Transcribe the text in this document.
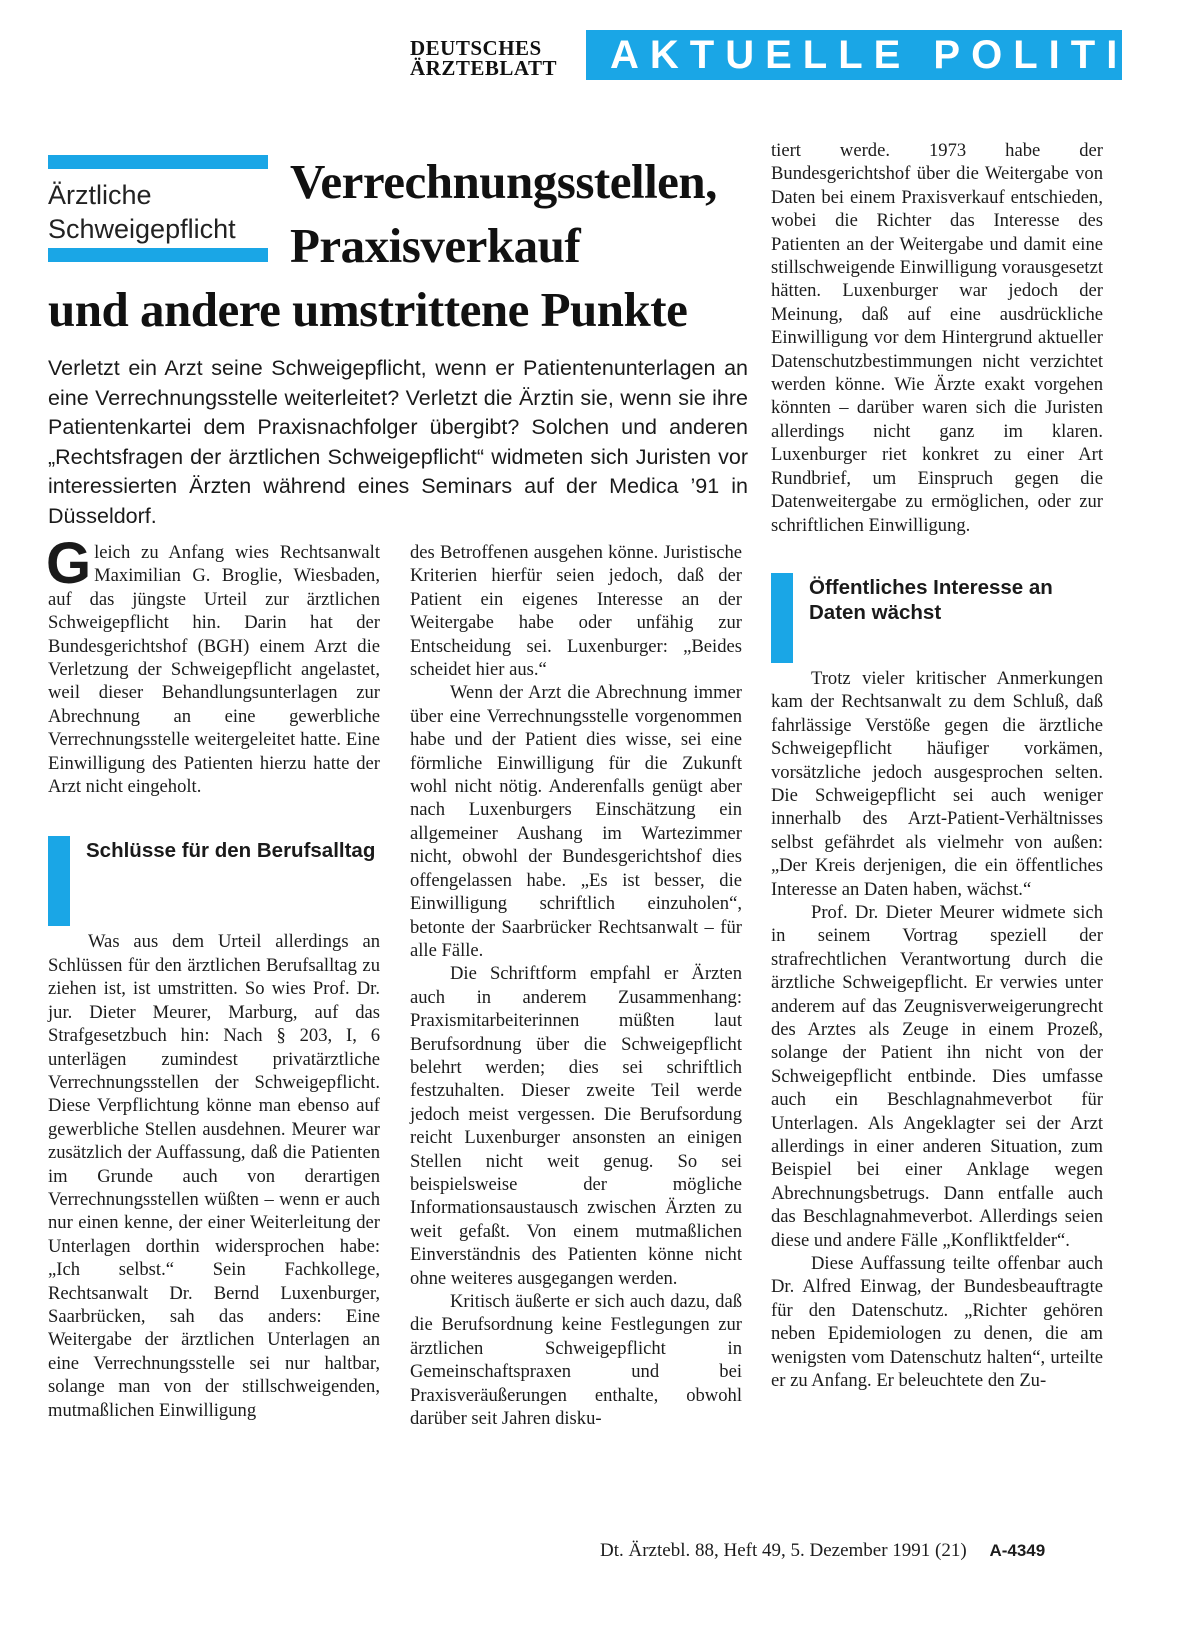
DEUTSCHES
ÄRZTEBLATT	AKTUELLE POLITIK
Ärztliche
Schweigepflicht
Verrechnungsstellen,
Praxisverkauf
und andere umstrittene Punkte
Verletzt ein Arzt seine Schweigepflicht, wenn er Patientenunterlagen an eine Verrechnungsstelle weiterleitet? Verletzt die Ärztin sie, wenn sie ihre Patientenkartei dem Praxisnachfolger übergibt? Solchen und anderen „Rechtsfragen der ärztlichen Schweigepflicht“ widmeten sich Juristen vor interessierten Ärzten während eines Seminars auf der Medica ’91 in Düsseldorf.

Gleich zu Anfang wies Rechtsanwalt Maximilian G. Broglie, Wiesbaden, auf das jüngste Urteil zur ärztlichen Schweigepflicht hin. Darin hat der Bundesgerichtshof (BGH) einem Arzt die Verletzung der Schweigepflicht angelastet, weil dieser Behandlungsunterlagen zur Abrechnung an eine gewerbliche Verrechnungsstelle weitergeleitet hatte. Eine Einwilligung des Patienten hierzu hatte der Arzt nicht eingeholt.

Schlüsse für den Berufsalltag

Was aus dem Urteil allerdings an Schlüssen für den ärztlichen Berufsalltag zu ziehen ist, ist umstritten. So wies Prof. Dr. jur. Dieter Meurer, Marburg, auf das Strafgesetzbuch hin: Nach § 203, I, 6 unterlägen zumindest privatärztliche Verrechnungsstellen der Schweigepflicht. Diese Verpflichtung könne man ebenso auf gewerbliche Stellen ausdehnen. Meurer war zusätzlich der Auffassung, daß die Patienten im Grunde auch von derartigen Verrechnungsstellen wüßten – wenn er auch nur einen kenne, der einer Weiterleitung der Unterlagen dorthin widersprochen habe: „Ich selbst.“ Sein Fachkollege, Rechtsanwalt Dr. Bernd Luxenburger, Saarbrücken, sah das anders: Eine Weitergabe der ärztlichen Unterlagen an eine Verrechnungsstelle sei nur haltbar, solange man von der stillschweigenden, mutmaßlichen Einwilligung

des Betroffenen ausgehen könne. Juristische Kriterien hierfür seien jedoch, daß der Patient ein eigenes Interesse an der Weitergabe habe oder unfähig zur Entscheidung sei. Luxenburger: „Beides scheidet hier aus.“

Wenn der Arzt die Abrechnung immer über eine Verrechnungsstelle vorgenommen habe und der Patient dies wisse, sei eine förmliche Einwilligung für die Zukunft wohl nicht nötig. Anderenfalls genügt aber nach Luxenburgers Einschätzung ein allgemeiner Aushang im Wartezimmer nicht, obwohl der Bundesgerichtshof dies offengelassen habe. „Es ist besser, die Einwilligung schriftlich einzuholen“, betonte der Saarbrücker Rechtsanwalt – für alle Fälle.

Die Schriftform empfahl er Ärzten auch in anderem Zusammenhang: Praxismitarbeiterinnen müßten laut Berufsordnung über die Schweigepflicht belehrt werden; dies sei schriftlich festzuhalten. Dieser zweite Teil werde jedoch meist vergessen. Die Berufsordung reicht Luxenburger ansonsten an einigen Stellen nicht weit genug. So sei beispielsweise der mögliche Informationsaustausch zwischen Ärzten zu weit gefaßt. Von einem mutmaßlichen Einverständnis des Patienten könne nicht ohne weiteres ausgegangen werden.

Kritisch äußerte er sich auch dazu, daß die Berufsordnung keine Festlegungen zur ärztlichen Schweigepflicht in Gemeinschaftspraxen und bei Praxisveräußerungen enthalte, obwohl darüber seit Jahren disku-

tiert werde. 1973 habe der Bundesgerichtshof über die Weitergabe von Daten bei einem Praxisverkauf entschieden, wobei die Richter das Interesse des Patienten an der Weitergabe und damit eine stillschweigende Einwilligung vorausgesetzt hätten. Luxenburger war jedoch der Meinung, daß auf eine ausdrückliche Einwilligung vor dem Hintergrund aktueller Datenschutzbestimmungen nicht verzichtet werden könne. Wie Ärzte exakt vorgehen könnten – darüber waren sich die Juristen allerdings nicht ganz im klaren. Luxenburger riet konkret zu einer Art Rundbrief, um Einspruch gegen die Datenweitergabe zu ermöglichen, oder zur schriftlichen Einwilligung.

Öffentliches Interesse an Daten wächst

Trotz vieler kritischer Anmerkungen kam der Rechtsanwalt zu dem Schluß, daß fahrlässige Verstöße gegen die ärztliche Schweigepflicht häufiger vorkämen, vorsätzliche jedoch ausgesprochen selten. Die Schweigepflicht sei auch weniger innerhalb des Arzt-Patient-Verhältnisses selbst gefährdet als vielmehr von außen: „Der Kreis derjenigen, die ein öffentliches Interesse an Daten haben, wächst.“

Prof. Dr. Dieter Meurer widmete sich in seinem Vortrag speziell der strafrechtlichen Verantwortung durch die ärztliche Schweigepflicht. Er verwies unter anderem auf das Zeugnisverweigerungrecht des Arztes als Zeuge in einem Prozeß, solange der Patient ihn nicht von der Schweigepflicht entbinde. Dies umfasse auch ein Beschlagnahmeverbot für Unterlagen. Als Angeklagter sei der Arzt allerdings in einer anderen Situation, zum Beispiel bei einer Anklage wegen Abrechnungsbetrugs. Dann entfalle auch das Beschlagnahmeverbot. Allerdings seien diese und andere Fälle „Konfliktfelder“.

Diese Auffassung teilte offenbar auch Dr. Alfred Einwag, der Bundesbeauftragte für den Datenschutz. „Richter gehören neben Epidemiologen zu denen, die am wenigsten vom Datenschutz halten“, urteilte er zu Anfang. Er beleuchtete den Zu-

Dt. Ärztebl. 88, Heft 49, 5. Dezember 1991 (21) A-4349
